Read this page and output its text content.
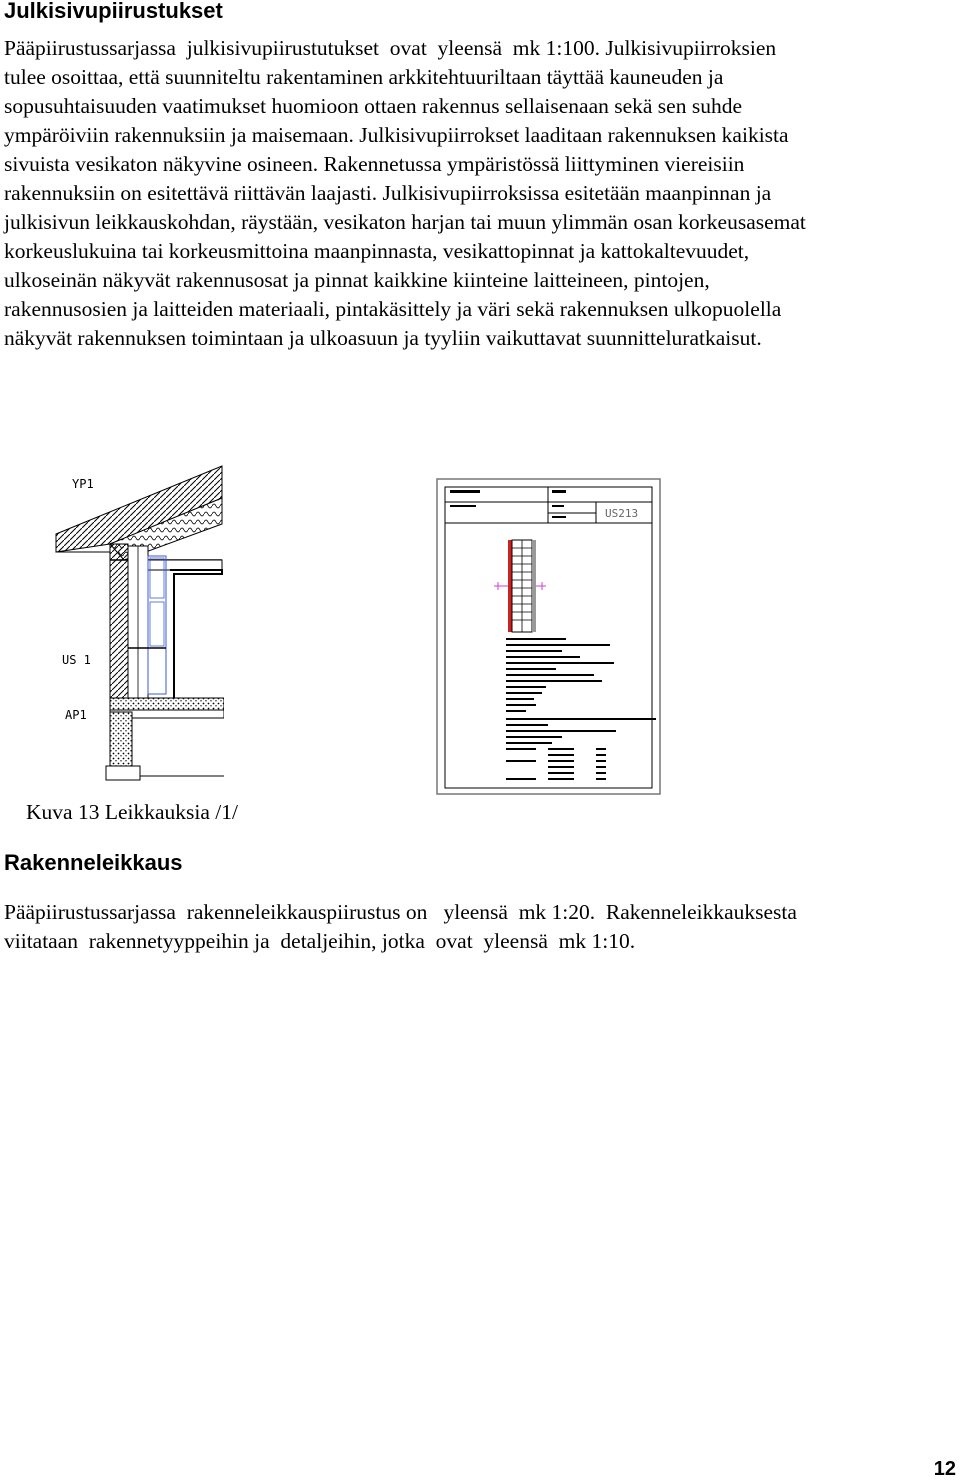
Julkisivupiirustukset
Pääpiirustussarjassa  julkisivupiirustutukset  ovat  yleensä  mk 1:100. Julkisivupiirroksien
tulee osoittaa, että suunniteltu rakentaminen arkkitehtuuriltaan täyttää kauneuden ja
sopusuhtaisuuden vaatimukset huomioon ottaen rakennus sellaisenaan sekä sen suhde
ympäröiviin rakennuksiin ja maisemaan. Julkisivupiirrokset laaditaan rakennuksen kaikista
sivuista vesikaton näkyvine osineen. Rakennetussa ympäristössä liittyminen viereisiin
rakennuksiin on esitettävä riittävän laajasti. Julkisivupiirroksissa esitetään maanpinnan ja
julkisivun leikkauskohdan, räystään, vesikaton harjan tai muun ylimmän osan korkeusasemat
korkeuslukuina tai korkeusmittoina maanpinnasta, vesikattopinnat ja kattokaltevuudet,
ulkoseinän näkyvät rakennusosat ja pinnat kaikkine kiinteine laitteineen, pintojen,
rakennusosien ja laitteiden materiaali, pintakäsittely ja väri sekä rakennuksen ulkopuolella
näkyvät rakennuksen toimintaan ja ulkoasuun ja tyyliin vaikuttavat suunnitteluratkaisut.
YP1
US 1
AP1
US213
Kuva 13 Leikkauksia /1/
Rakenneleikkaus
Pääpiirustussarjassa  rakenneleikkauspiirustus on   yleensä  mk 1:20.  Rakenneleikkauksesta
viitataan  rakennetyyppeihin ja  detaljeihin, jotka  ovat  yleensä  mk 1:10.
12
